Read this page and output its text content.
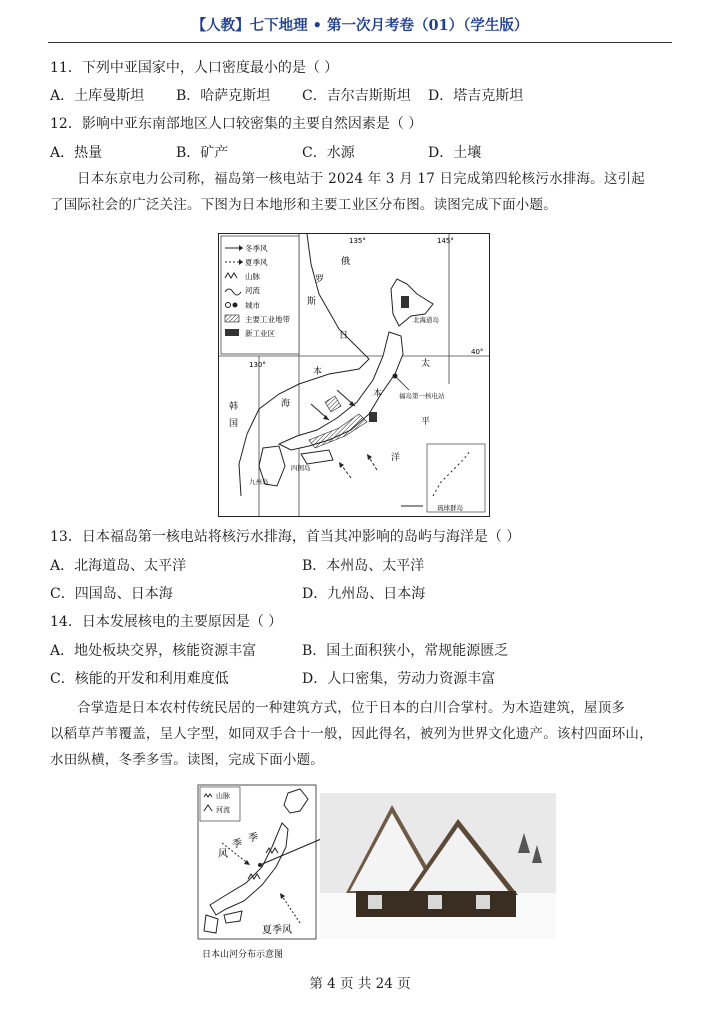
【人教】七下地理 • 第一次月考卷（01）（学生版）
11．下列中亚国家中，人口密度最小的是（ ）
A．土库曼斯坦 B．哈萨克斯坦 C．吉尔吉斯斯坦 D．塔吉克斯坦
12．影响中亚东南部地区人口较密集的主要自然因素是（ ）
A．热量	B．矿产	C．水源	D．土壤
日本东京电力公司称，福岛第一核电站于 2024 年 3 月 17 日完成第四轮核污水排海。这引起
了国际社会的广泛关注。下图为日本地形和主要工业区分布图。读图完成下面小题。
冬季风
夏季风
山脉
河流
城市
主要工业地带
新工业区
135°	145°
130°
40°
俄
罗
斯
日
本
海
太
平
洋
韩
国
北海道岛
本	福岛第一核电站
九州岛
四国岛
琉球群岛
13．日本福岛第一核电站将核污水排海，首当其冲影响的岛屿与海洋是（ ）
A．北海道岛、太平洋	B．本州岛、太平洋
C．四国岛、日本海	D．九州岛、日本海
14．日本发展核电的主要原因是（ ）
A．地处板块交界，核能资源丰富	B．国土面积狭小，常规能源匮乏
C．核能的开发和利用难度低	D．人口密集，劳动力资源丰富
合掌造是日本农村传统民居的一种建筑方式，位于日本的白川合掌村。为木造建筑，屋顶多
以稻草芦苇覆盖，呈人字型，如同双手合十一般，因此得名，被列为世界文化遗产。该村四面环山，
水田纵横，冬季多雪。读图，完成下面小题。
山脉
河流
季
季
风
夏季风
日本山河分布示意图
第 4 页 共 24 页
